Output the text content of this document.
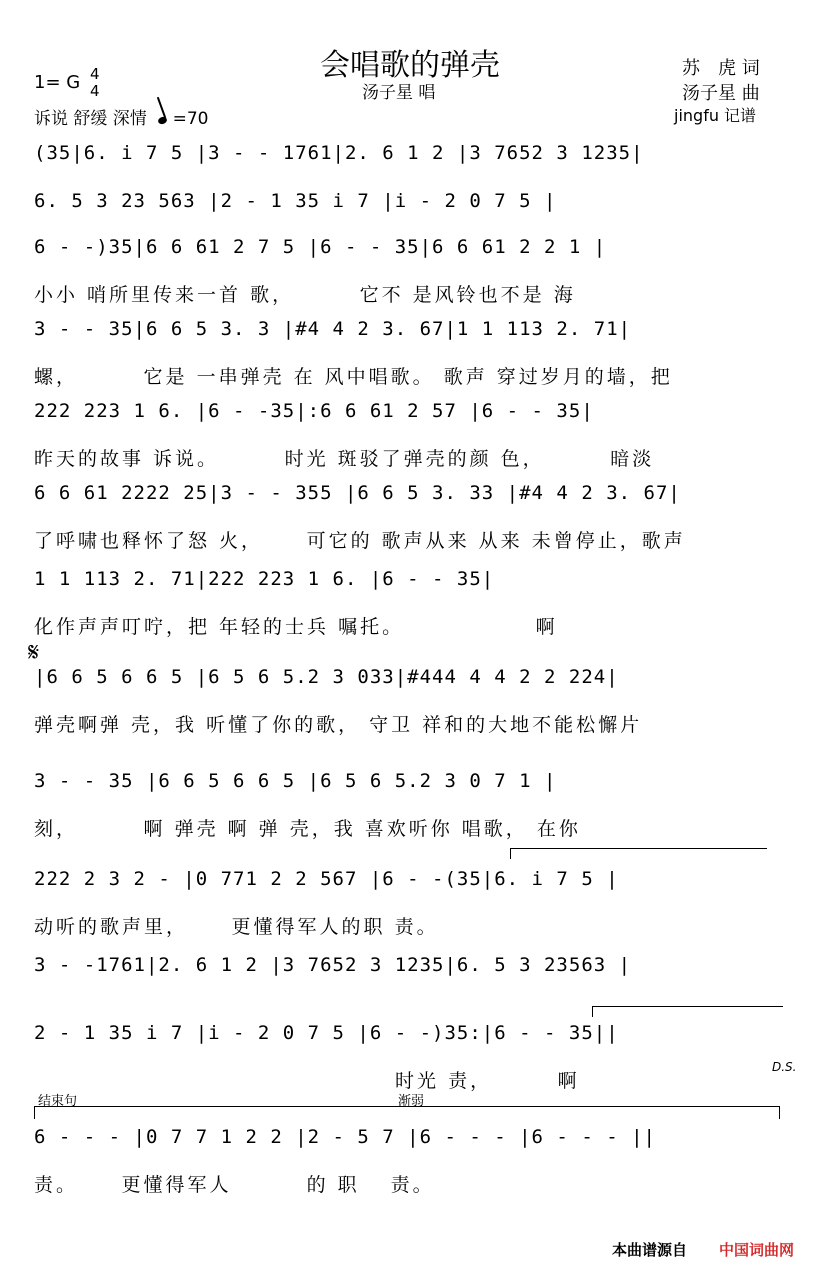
会唱歌的弹壳
汤子星 唱
苏　虎 词
汤子星 曲
jingfu 记谱
1= G 4
4
诉说 舒缓 深情 =70
𝄋
D.S.
结束句	渐弱
(35|6. i 7 5 |3 - - 1761|2. 6 1 2 |3 7652 3 1235|
6. 5 3 23 563 |2 - 1 35 i 7 |i - 2 0 7 5 |
6 - -)35|6 6 61 2 7 5 |6 - - 35|6 6 61 2 2 1 |
小小 哨所里传来一首 歌，　　　 它不 是风铃也不是 海
3 - - 35|6 6 5 3. 3 |#4 4 2 3. 67|1 1 113 2. 71|
螺，　　　 它是 一串弹壳 在 风中唱歌。 歌声 穿过岁月的墙，把
222 223 1 6. |6 - -35|:6 6 61 2 57 |6 - - 35|
昨天的故事 诉说。　　　 时光 斑驳了弹壳的颜 色，　　　 暗淡
6 6 61 2222 25|3 - - 355 |6 6 5 3. 33 |#4 4 2 3. 67|
了呼啸也释怀了怒 火，　　 可它的 歌声从来 从来 未曾停止，歌声
1 1 113 2. 71|222 223 1 6. |6 - - 35|
化作声声叮咛，把 年轻的士兵 嘱托。　　　　　　 啊
|6 6 5 6 6 5 |6 5 6 5.2 3 033|#444 4 4 2 2 224|
弹壳啊弹 壳，我 听懂了你的歌， 守卫 祥和的大地不能松懈片
3 - - 35 |6 6 5 6 6 5 |6 5 6 5.2 3 0 7 1 |
刻，　　　 啊 弹壳 啊 弹 壳，我 喜欢听你 唱歌， 在你
222 2 3 2 - |0 771 2 2 567 |6 - -(35|6. i 7 5 |
动听的歌声里，　　 更懂得军人的职 责。
3 - -1761|2. 6 1 2 |3 7652 3 1235|6. 5 3 23563 |
2 - 1 35 i 7 |i - 2 0 7 5 |6 - -)35:|6 - - 35||
　　　　　　　　　　　　　　　　 时光 责，　　　 啊
6 - - - |0 7 7 1 2 2 |2 - 5 7 |6 - - - |6 - - - ||
责。　　 更懂得军人　　　 的 职　 责。
本曲谱源自 中国词曲网
